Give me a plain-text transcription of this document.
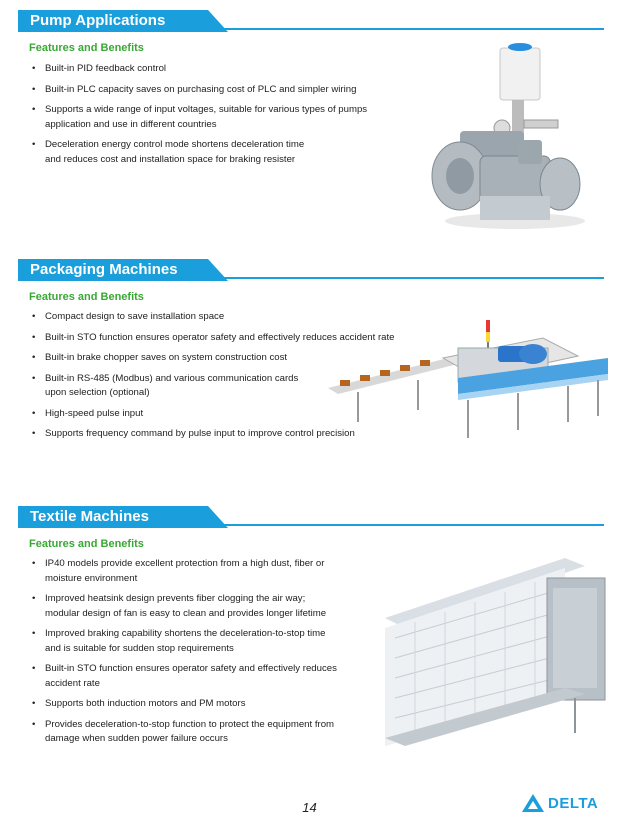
Pump Applications
Features and Benefits
• Built-in PID feedback control
• Built-in PLC capacity saves on purchasing cost of PLC and simpler wiring
• Supports a wide range of input voltages, suitable for various types of pumps
application and use in different countries
• Deceleration energy control mode shortens deceleration time
and reduces cost and installation space for braking resister
Packaging Machines
Features and Benefits
• Compact design to save installation space
• Built-in STO function ensures operator safety and effectively reduces accident rate
• Built-in brake chopper saves on system construction cost
• Built-in RS-485 (Modbus) and various communication cards
upon selection (optional)
• High-speed pulse input
• Supports frequency command by pulse input to improve control precision
Textile Machines
Features and Benefits
• IP40 models provide excellent protection from a high dust, fiber or
moisture environment
• Improved heatsink design prevents fiber clogging the air way;
modular design of fan is easy to clean and provides longer lifetime
• Improved braking capability shortens the deceleration-to-stop time
and is suitable for sudden stop requirements
• Built-in STO function ensures operator safety and effectively reduces
accident rate
• Supports both induction motors and PM motors
• Provides deceleration-to-stop function to protect the equipment from
damage when sudden power failure occurs
14	DELTA
